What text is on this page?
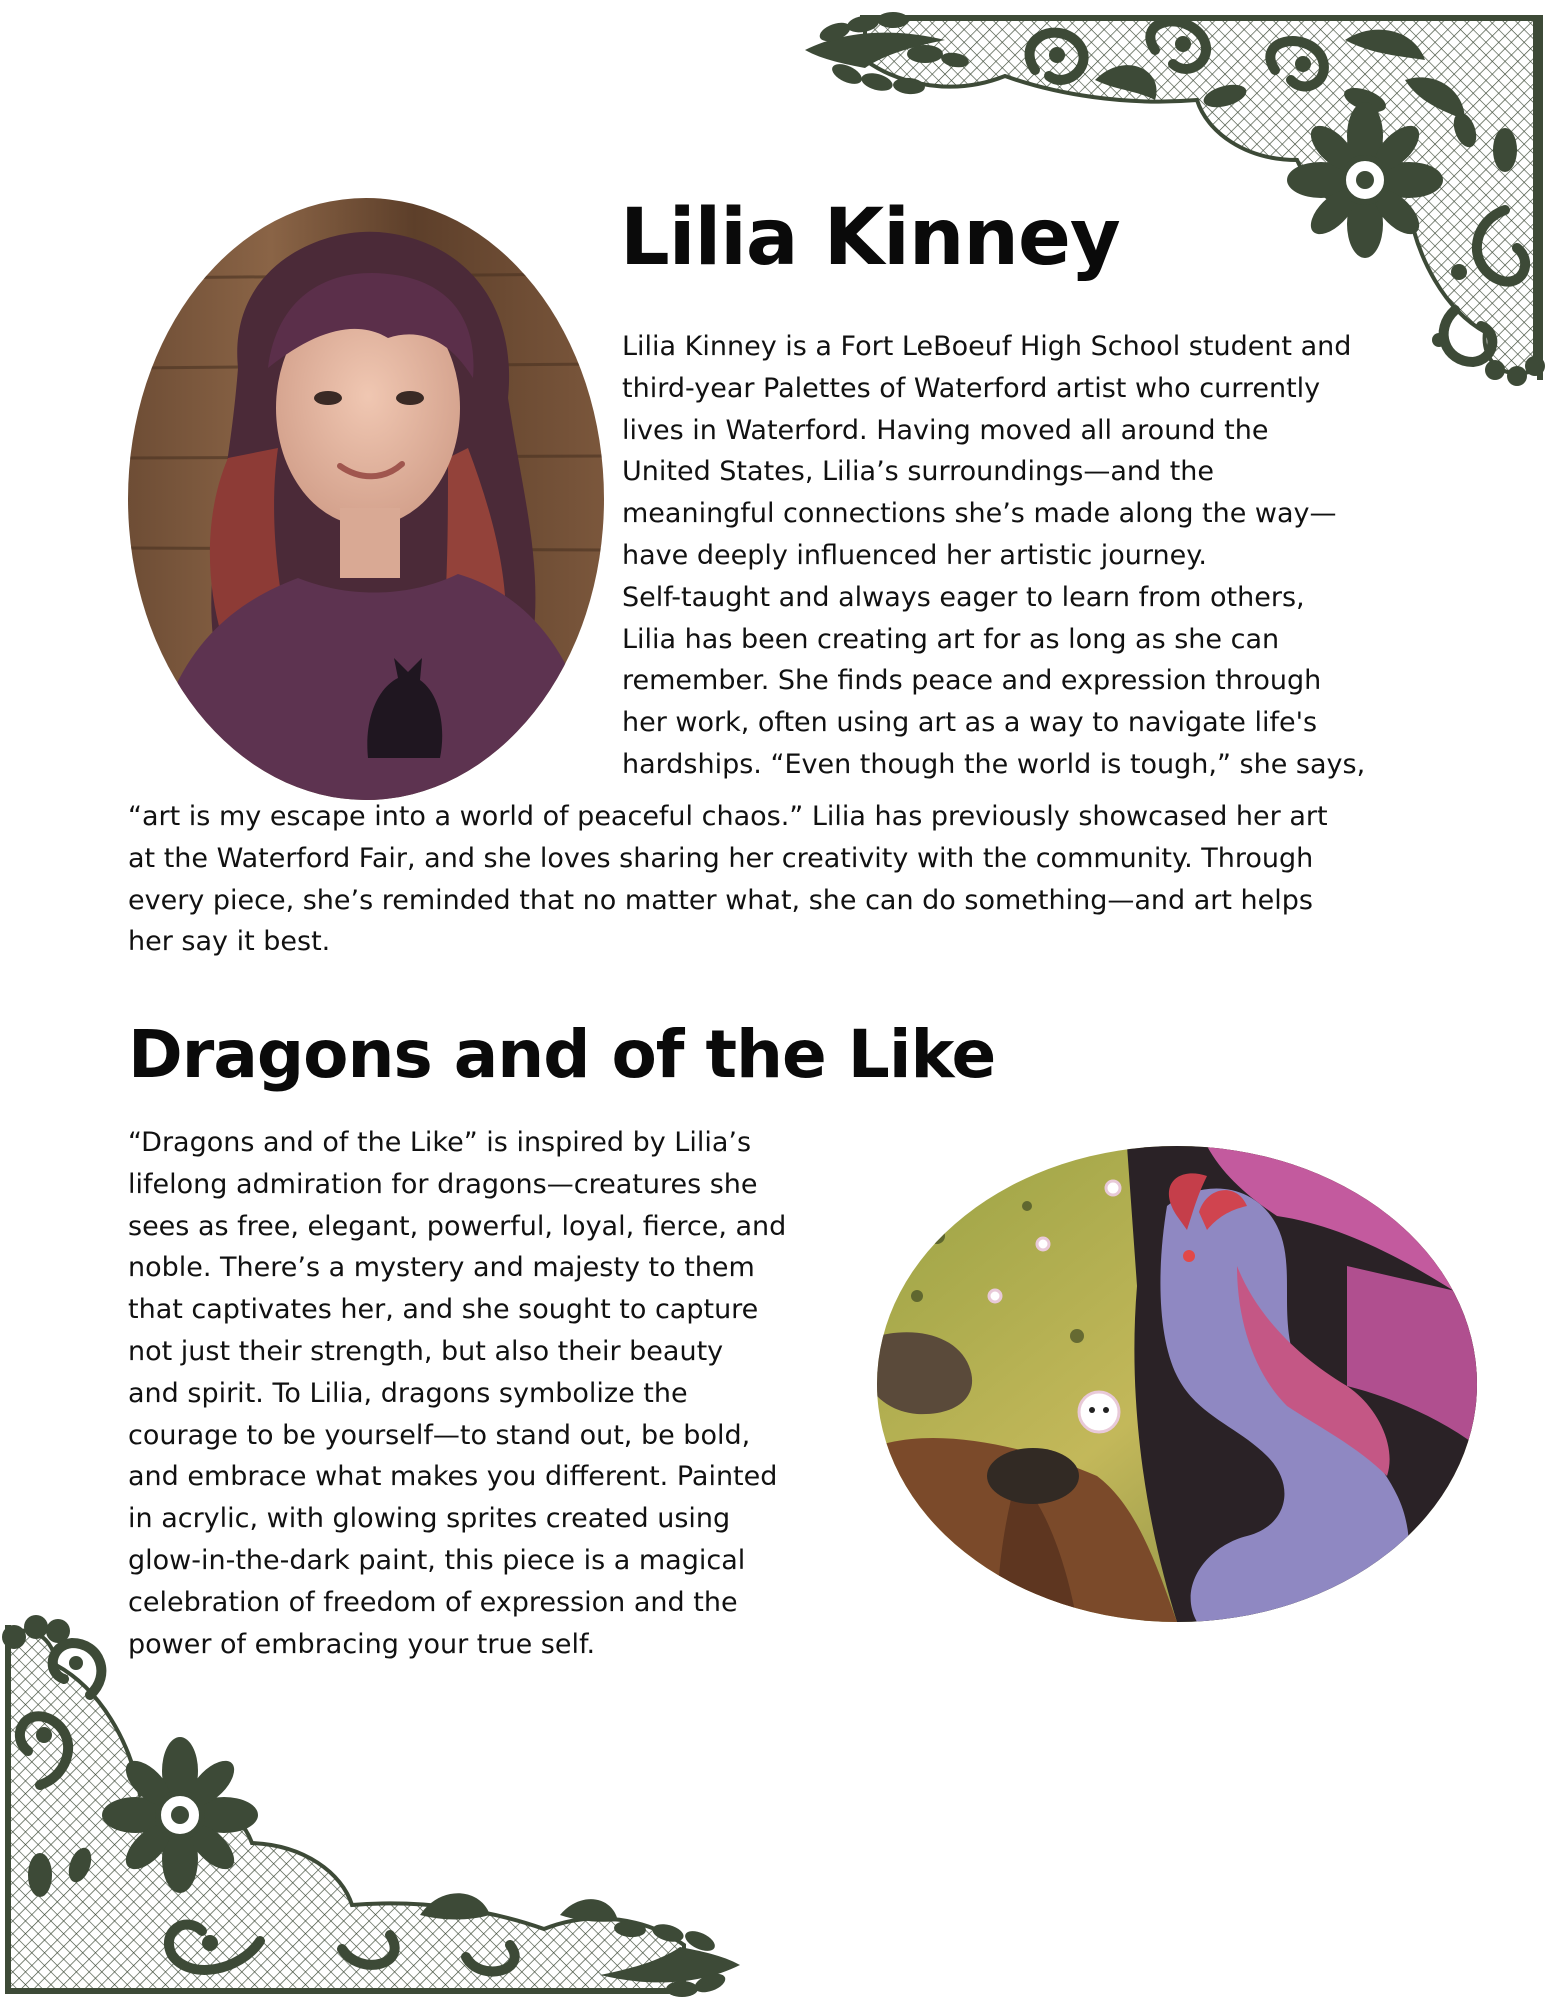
Lilia Kinney
Lilia Kinney is a Fort LeBoeuf High School student and
third-year Palettes of Waterford artist who currently
lives in Waterford. Having moved all around the
United States, Lilia’s surroundings—and the
meaningful connections she’s made along the way—
have deeply influenced her artistic journey.
Self-taught and always eager to learn from others,
Lilia has been creating art for as long as she can
remember. She finds peace and expression through
her work, often using art as a way to navigate life's
hardships. “Even though the world is tough,” she says,
“art is my escape into a world of peaceful chaos.” Lilia has previously showcased her art
at the Waterford Fair, and she loves sharing her creativity with the community. Through
every piece, she’s reminded that no matter what, she can do something—and art helps
her say it best.
Dragons and of the Like
“Dragons and of the Like” is inspired by Lilia’s
lifelong admiration for dragons—creatures she
sees as free, elegant, powerful, loyal, fierce, and
noble. There’s a mystery and majesty to them
that captivates her, and she sought to capture
not just their strength, but also their beauty
and spirit. To Lilia, dragons symbolize the
courage to be yourself—to stand out, be bold,
and embrace what makes you different. Painted
in acrylic, with glowing sprites created using
glow-in-the-dark paint, this piece is a magical
celebration of freedom of expression and the
power of embracing your true self.
